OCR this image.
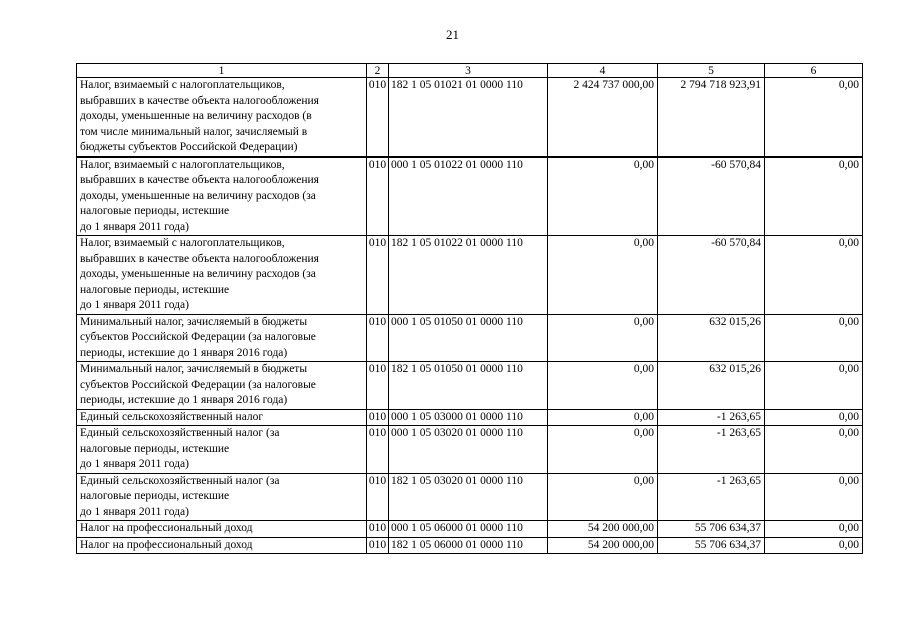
21
1	2	3	4	5	6
Налог, взимаемый с налогоплательщиков,
выбравших в качестве объекта налогообложения
доходы, уменьшенные на величину расходов (в
том числе минимальный налог, зачисляемый в
бюджеты субъектов Российской Федерации)	010	182 1 05 01021 01 0000 110	2 424 737 000,00	2 794 718 923,91	0,00
Налог, взимаемый с налогоплательщиков,
выбравших в качестве объекта налогообложения
доходы, уменьшенные на величину расходов (за
налоговые периоды, истекшие
до 1 января 2011 года)	010	000 1 05 01022 01 0000 110	0,00	-60 570,84	0,00
Налог, взимаемый с налогоплательщиков,
выбравших в качестве объекта налогообложения
доходы, уменьшенные на величину расходов (за
налоговые периоды, истекшие
до 1 января 2011 года)	010	182 1 05 01022 01 0000 110	0,00	-60 570,84	0,00
Минимальный налог, зачисляемый в бюджеты
субъектов Российской Федерации (за налоговые
периоды, истекшие до 1 января 2016 года)	010	000 1 05 01050 01 0000 110	0,00	632 015,26	0,00
Минимальный налог, зачисляемый в бюджеты
субъектов Российской Федерации (за налоговые
периоды, истекшие до 1 января 2016 года)	010	182 1 05 01050 01 0000 110	0,00	632 015,26	0,00
Единый сельскохозяйственный налог	010	000 1 05 03000 01 0000 110	0,00	-1 263,65	0,00
Единый сельскохозяйственный налог (за
налоговые периоды, истекшие
до 1 января 2011 года)	010	000 1 05 03020 01 0000 110	0,00	-1 263,65	0,00
Единый сельскохозяйственный налог (за
налоговые периоды, истекшие
до 1 января 2011 года)	010	182 1 05 03020 01 0000 110	0,00	-1 263,65	0,00
Налог на профессиональный доход	010	000 1 05 06000 01 0000 110	54 200 000,00	55 706 634,37	0,00
Налог на профессиональный доход	010	182 1 05 06000 01 0000 110	54 200 000,00	55 706 634,37	0,00
